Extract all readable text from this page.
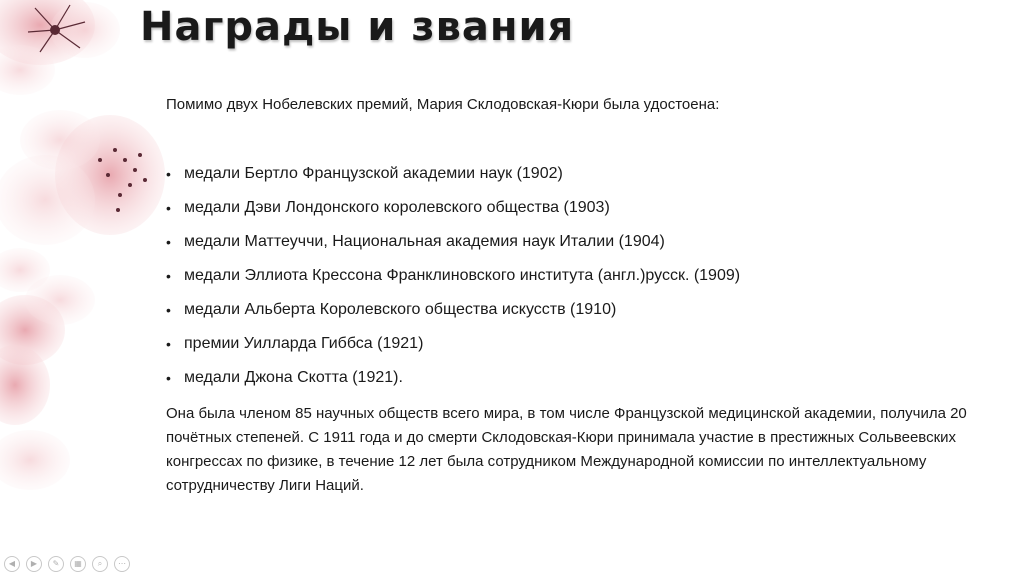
Награды и звания

Помимо двух Нобелевских премий, Мария Склодовская-Кюри была удостоена:

• медали Бертло Французской академии наук (1902)
• медали Дэви Лондонского королевского общества (1903)
• медали Маттеуччи, Национальная академия наук Италии (1904)
• медали Эллиота Крессона Франклиновского института (англ.)русск. (1909)
• медали Альберта Королевского общества искусств (1910)
• премии Уилларда Гиббса (1921)
• медали Джона Скотта (1921).

Она была членом 85 научных обществ всего мира, в том числе Французской медицинской академии, получила 20 почётных степеней. С 1911 года и до смерти Склодовская-Кюри принимала участие в престижных Сольвеевских конгрессах по физике, в течение 12 лет была сотрудником Международной комиссии по интеллектуальному сотрудничеству Лиги Наций.

◀	▶	✎	▦	⌕	⋯
